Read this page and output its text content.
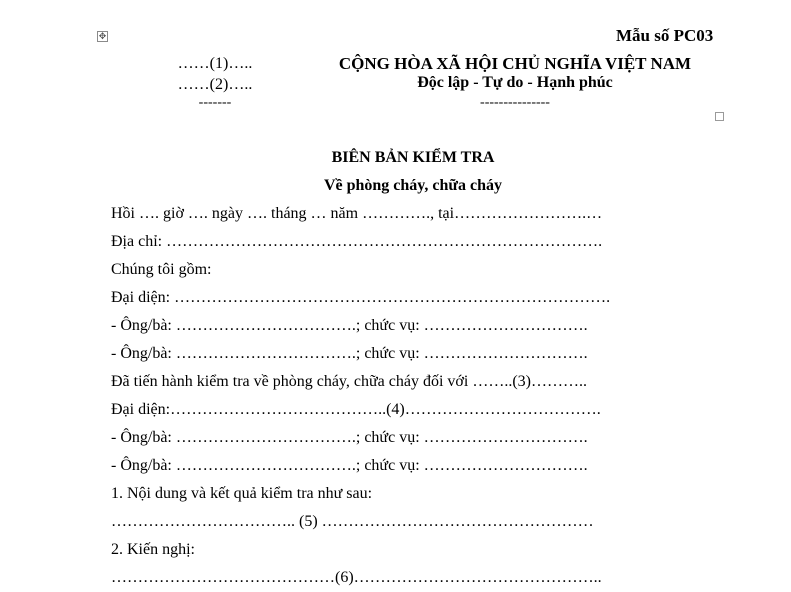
✥	Mẫu số PC03
……(1)…..
……(2)…..
-------
CỘNG HÒA XÃ HỘI CHỦ NGHĨA VIỆT NAM
Độc lập - Tự do - Hạnh phúc
---------------
BIÊN BẢN KIỂM TRA
Về phòng cháy, chữa cháy
Hồi …. giờ …. ngày …. tháng … năm …………., tại…………………….…
Địa chỉ: ……………………………………………………………………….
Chúng tôi gồm:
Đại diện: ……………………………………………………………………….
- Ông/bà: …………………………….; chức vụ: ………………………….
- Ông/bà: …………………………….; chức vụ: ………………………….
Đã tiến hành kiểm tra về phòng cháy, chữa cháy đối với ……..(3)………..
Đại diện:…………………………………..(4)……………………………….
- Ông/bà: …………………………….; chức vụ: ………………………….
- Ông/bà: …………………………….; chức vụ: ………………………….
1. Nội dung và kết quả kiểm tra như sau:
…………………………….. (5) ……………………………………………
2. Kiến nghị:
……………………………………(6)………………………………………..
